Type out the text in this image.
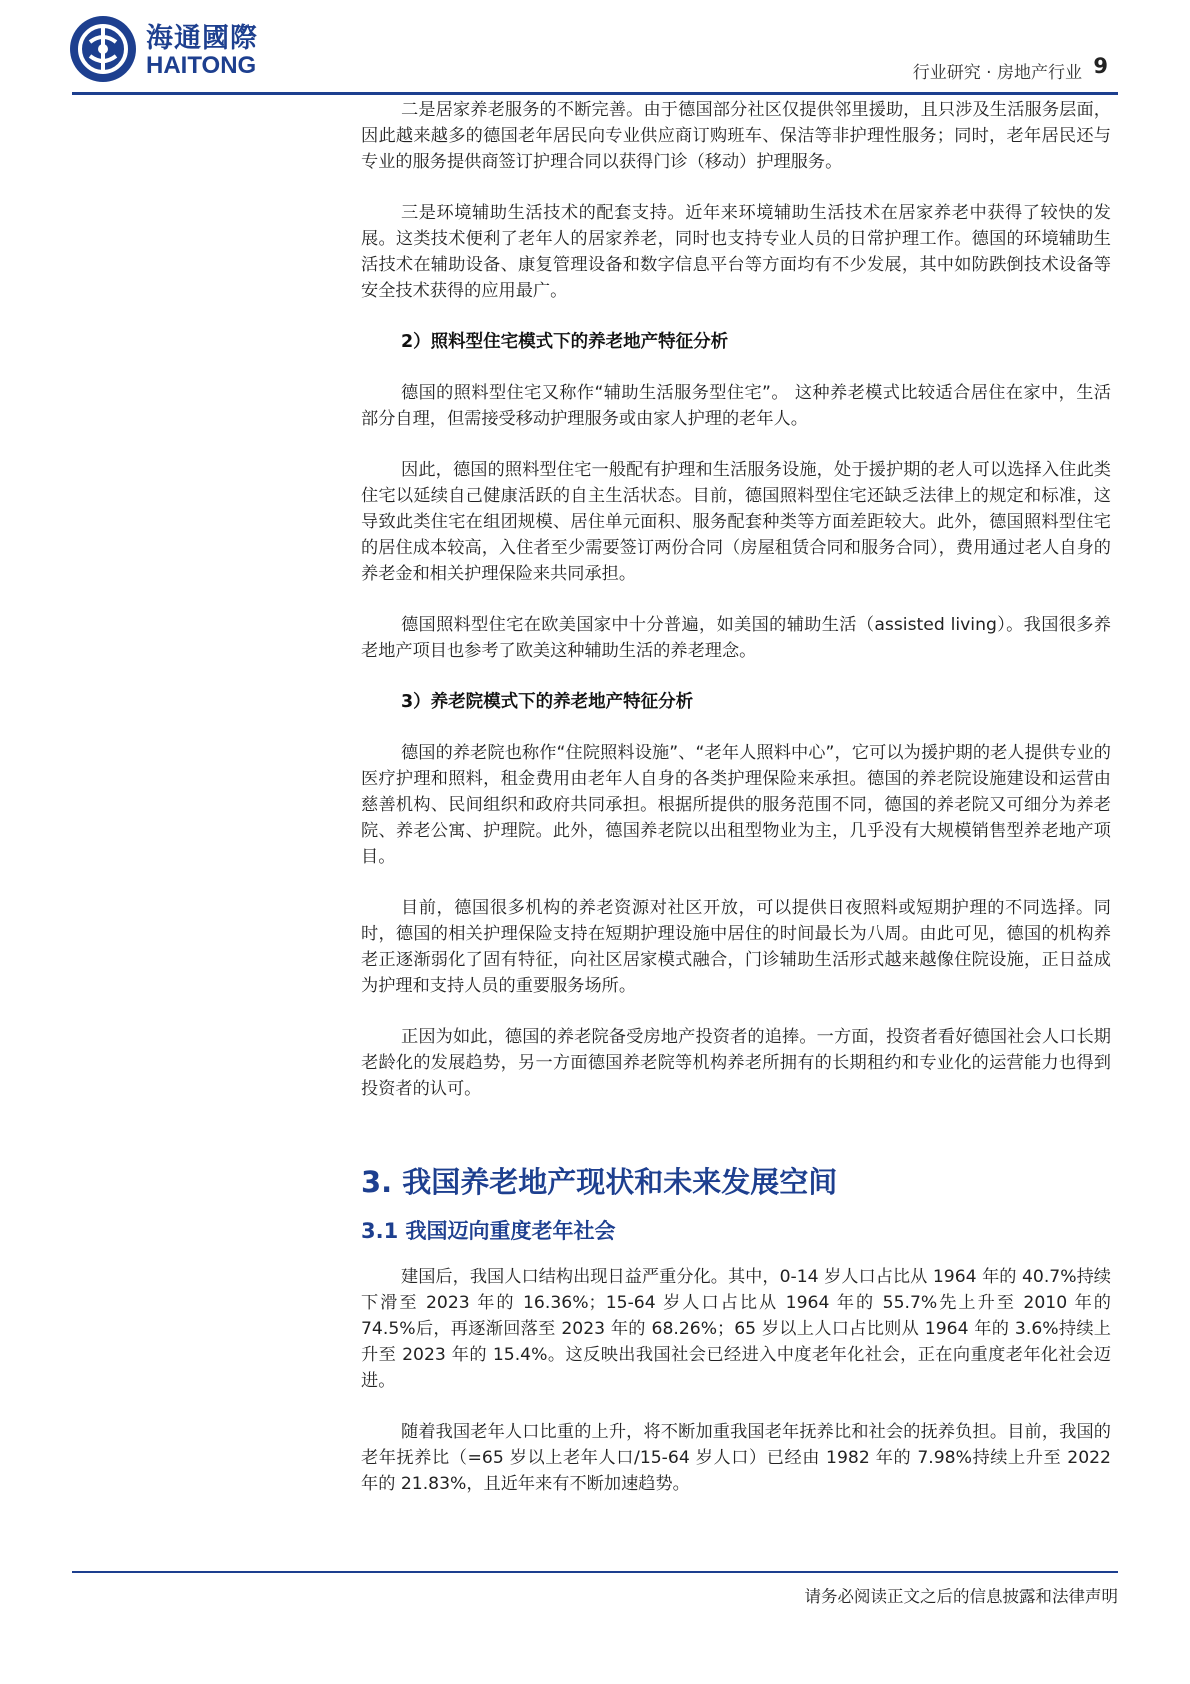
海通國際
HAITONG	行业研究 · 房地产行业 9

二是居家养老服务的不断完善。由于德国部分社区仅提供邻里援助，且只涉及生活服务层面，因此越来越多的德国老年居民向专业供应商订购班车、保洁等非护理性服务；同时，老年居民还与专业的服务提供商签订护理合同以获得门诊（移动）护理服务。

三是环境辅助生活技术的配套支持。近年来环境辅助生活技术在居家养老中获得了较快的发展。这类技术便利了老年人的居家养老，同时也支持专业人员的日常护理工作。德国的环境辅助生活技术在辅助设备、康复管理设备和数字信息平台等方面均有不少发展，其中如防跌倒技术设备等安全技术获得的应用最广。

2）照料型住宅模式下的养老地产特征分析

德国的照料型住宅又称作“辅助生活服务型住宅”。 这种养老模式比较适合居住在家中，生活部分自理，但需接受移动护理服务或由家人护理的老年人。

因此，德国的照料型住宅一般配有护理和生活服务设施，处于援护期的老人可以选择入住此类住宅以延续自己健康活跃的自主生活状态。目前，德国照料型住宅还缺乏法律上的规定和标准，这导致此类住宅在组团规模、居住单元面积、服务配套种类等方面差距较大。此外，德国照料型住宅的居住成本较高，入住者至少需要签订两份合同（房屋租赁合同和服务合同），费用通过老人自身的养老金和相关护理保险来共同承担。

德国照料型住宅在欧美国家中十分普遍，如美国的辅助生活（assisted living）。我国很多养老地产项目也参考了欧美这种辅助生活的养老理念。

3）养老院模式下的养老地产特征分析

德国的养老院也称作“住院照料设施”、“老年人照料中心”，它可以为援护期的老人提供专业的医疗护理和照料，租金费用由老年人自身的各类护理保险来承担。德国的养老院设施建设和运营由慈善机构、民间组织和政府共同承担。根据所提供的服务范围不同，德国的养老院又可细分为养老院、养老公寓、护理院。此外，德国养老院以出租型物业为主，几乎没有大规模销售型养老地产项目。

目前，德国很多机构的养老资源对社区开放，可以提供日夜照料或短期护理的不同选择。同时，德国的相关护理保险支持在短期护理设施中居住的时间最长为八周。由此可见，德国的机构养老正逐渐弱化了固有特征，向社区居家模式融合，门诊辅助生活形式越来越像住院设施，正日益成为护理和支持人员的重要服务场所。

正因为如此，德国的养老院备受房地产投资者的追捧。一方面，投资者看好德国社会人口长期老龄化的发展趋势，另一方面德国养老院等机构养老所拥有的长期租约和专业化的运营能力也得到投资者的认可。

3. 我国养老地产现状和未来发展空间

3.1 我国迈向重度老年社会

建国后，我国人口结构出现日益严重分化。其中，0-14 岁人口占比从 1964 年的 40.7%持续下滑至 2023 年的 16.36%；15-64 岁人口占比从 1964 年的 55.7%先上升至 2010 年的 74.5%后，再逐渐回落至 2023 年的 68.26%；65 岁以上人口占比则从 1964 年的 3.6%持续上升至 2023 年的 15.4%。这反映出我国社会已经进入中度老年化社会，正在向重度老年化社会迈进。

随着我国老年人口比重的上升，将不断加重我国老年抚养比和社会的抚养负担。目前，我国的老年抚养比（=65 岁以上老年人口/15-64 岁人口）已经由 1982 年的 7.98%持续上升至 2022 年的 21.83%，且近年来有不断加速趋势。

请务必阅读正文之后的信息披露和法律声明
